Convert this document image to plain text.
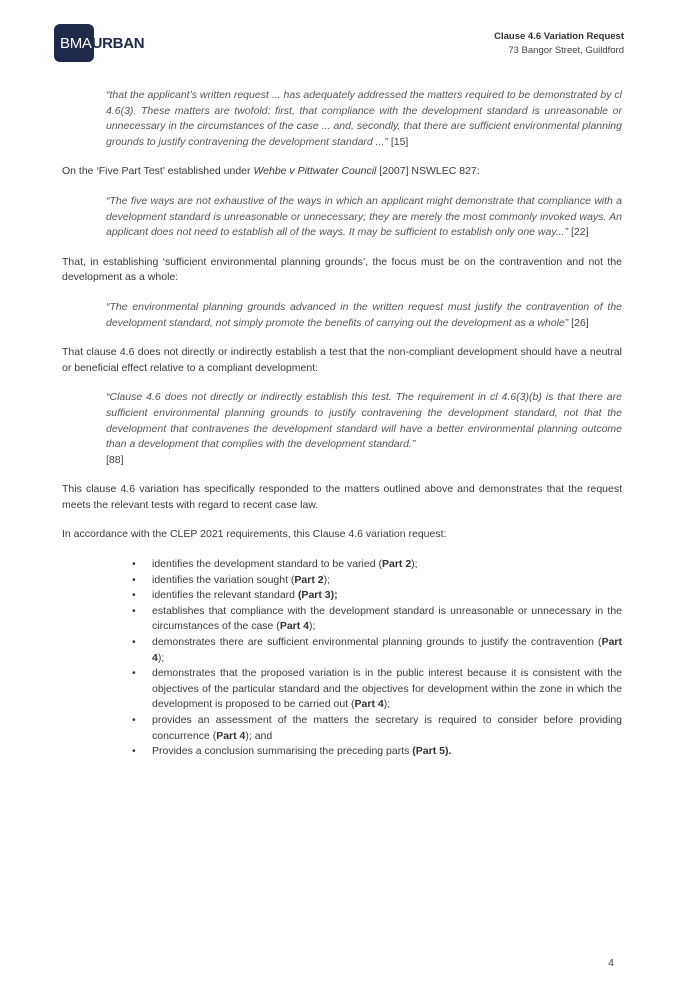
BMAURBAN	Clause 4.6 Variation Request
73 Bangor Street, Guildford
“that the applicant’s written request ... has adequately addressed the matters required to be demonstrated by cl 4.6(3). These matters are twofold: first, that compliance with the development standard is unreasonable or unnecessary in the circumstances of the case ... and, secondly, that there are sufficient environmental planning grounds to justify contravening the development standard ...” [15]

On the ‘Five Part Test’ established under Wehbe v Pittwater Council [2007] NSWLEC 827:

“The five ways are not exhaustive of the ways in which an applicant might demonstrate that compliance with a development standard is unreasonable or unnecessary; they are merely the most commonly invoked ways. An applicant does not need to establish all of the ways. It may be sufficient to establish only one way...” [22]

That, in establishing ‘sufficient environmental planning grounds’, the focus must be on the contravention and not the development as a whole:

“The environmental planning grounds advanced in the written request must justify the contravention of the development standard, not simply promote the benefits of carrying out the development as a whole” [26]

That clause 4.6 does not directly or indirectly establish a test that the non-compliant development should have a neutral or beneficial effect relative to a compliant development:

“Clause 4.6 does not directly or indirectly establish this test. The requirement in cl 4.6(3)(b) is that there are sufficient environmental planning grounds to justify contravening the development standard, not that the development that contravenes the development standard will have a better environmental planning outcome than a development that complies with the development standard.”
[88]

This clause 4.6 variation has specifically responded to the matters outlined above and demonstrates that the request meets the relevant tests with regard to recent case law.

In accordance with the CLEP 2021 requirements, this Clause 4.6 variation request:

• identifies the development standard to be varied (Part 2);
• identifies the variation sought (Part 2);
• identifies the relevant standard (Part 3);
• establishes that compliance with the development standard is unreasonable or unnecessary in the circumstances of the case (Part 4);
• demonstrates there are sufficient environmental planning grounds to justify the contravention (Part 4);
• demonstrates that the proposed variation is in the public interest because it is consistent with the objectives of the particular standard and the objectives for development within the zone in which the development is proposed to be carried out (Part 4);
• provides an assessment of the matters the secretary is required to consider before providing concurrence (Part 4); and
• Provides a conclusion summarising the preceding parts (Part 5).
4
